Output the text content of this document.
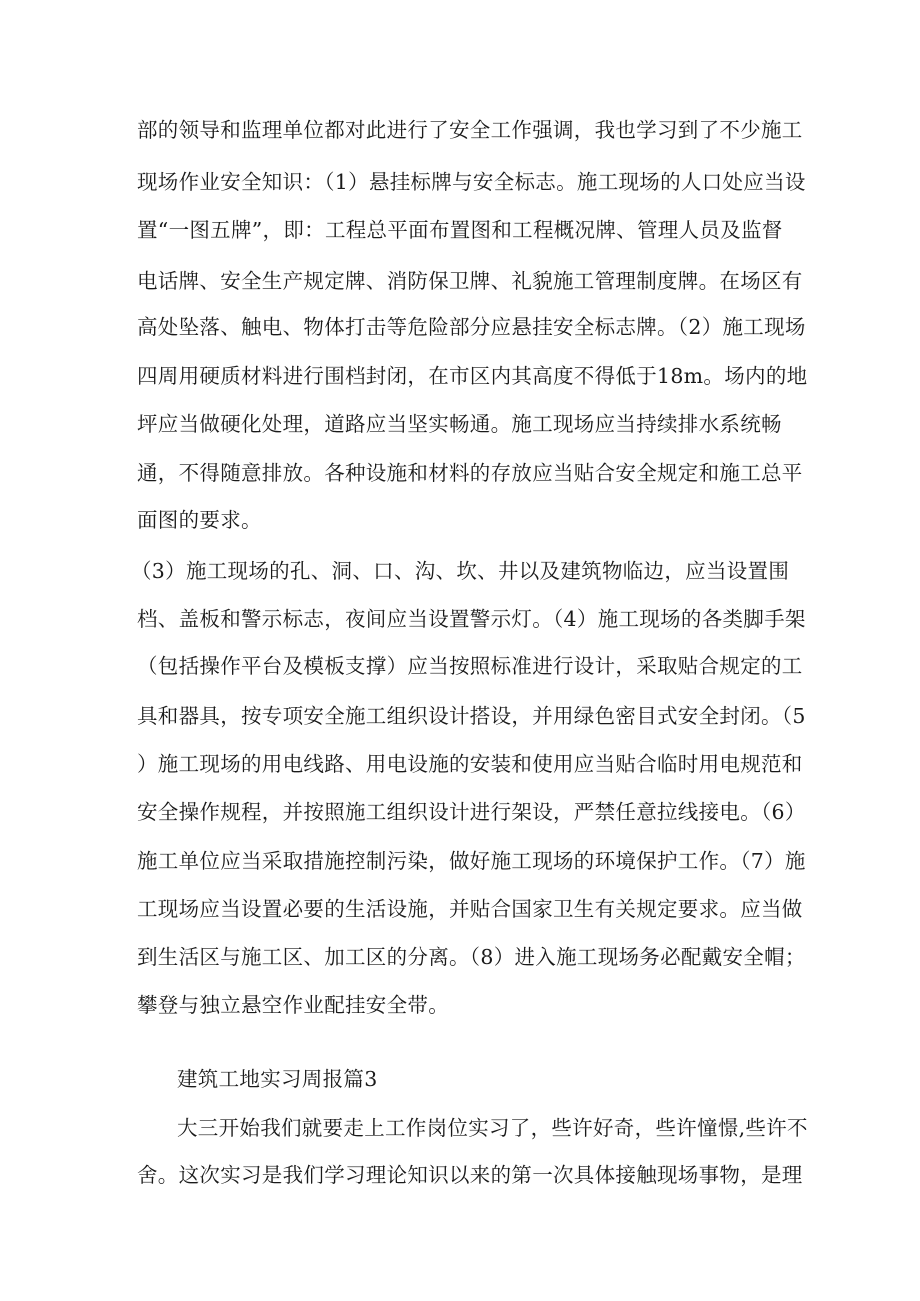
部的领导和监理单位都对此进行了安全工作强调，我也学习到了不少施工
现场作业安全知识：（1）悬挂标牌与安全标志。施工现场的人口处应当设
置“一图五牌”，即：工程总平面布置图和工程概况牌、管理人员及监督
电话牌、安全生产规定牌、消防保卫牌、礼貌施工管理制度牌。在场区有
高处坠落、触电、物体打击等危险部分应悬挂安全标志牌。（2）施工现场
四周用硬质材料进行围档封闭，在市区内其高度不得低于18m。场内的地
坪应当做硬化处理，道路应当坚实畅通。施工现场应当持续排水系统畅
通，不得随意排放。各种设施和材料的存放应当贴合安全规定和施工总平
面图的要求。
（3）施工现场的孔、洞、口、沟、坎、井以及建筑物临边，应当设置围
档、盖板和警示标志，夜间应当设置警示灯。（4）施工现场的各类脚手架
（包括操作平台及模板支撑）应当按照标准进行设计，采取贴合规定的工
具和器具，按专项安全施工组织设计搭设，并用绿色密目式安全封闭。（5
）施工现场的用电线路、用电设施的安装和使用应当贴合临时用电规范和
安全操作规程，并按照施工组织设计进行架设，严禁任意拉线接电。（6）
施工单位应当采取措施控制污染，做好施工现场的环境保护工作。（7）施
工现场应当设置必要的生活设施，并贴合国家卫生有关规定要求。应当做
到生活区与施工区、加工区的分离。（8）进入施工现场务必配戴安全帽；
攀登与独立悬空作业配挂安全带。
建筑工地实习周报篇3
大三开始我们就要走上工作岗位实习了，些许好奇，些许憧憬,些许不
舍。这次实习是我们学习理论知识以来的第一次具体接触现场事物，是理
